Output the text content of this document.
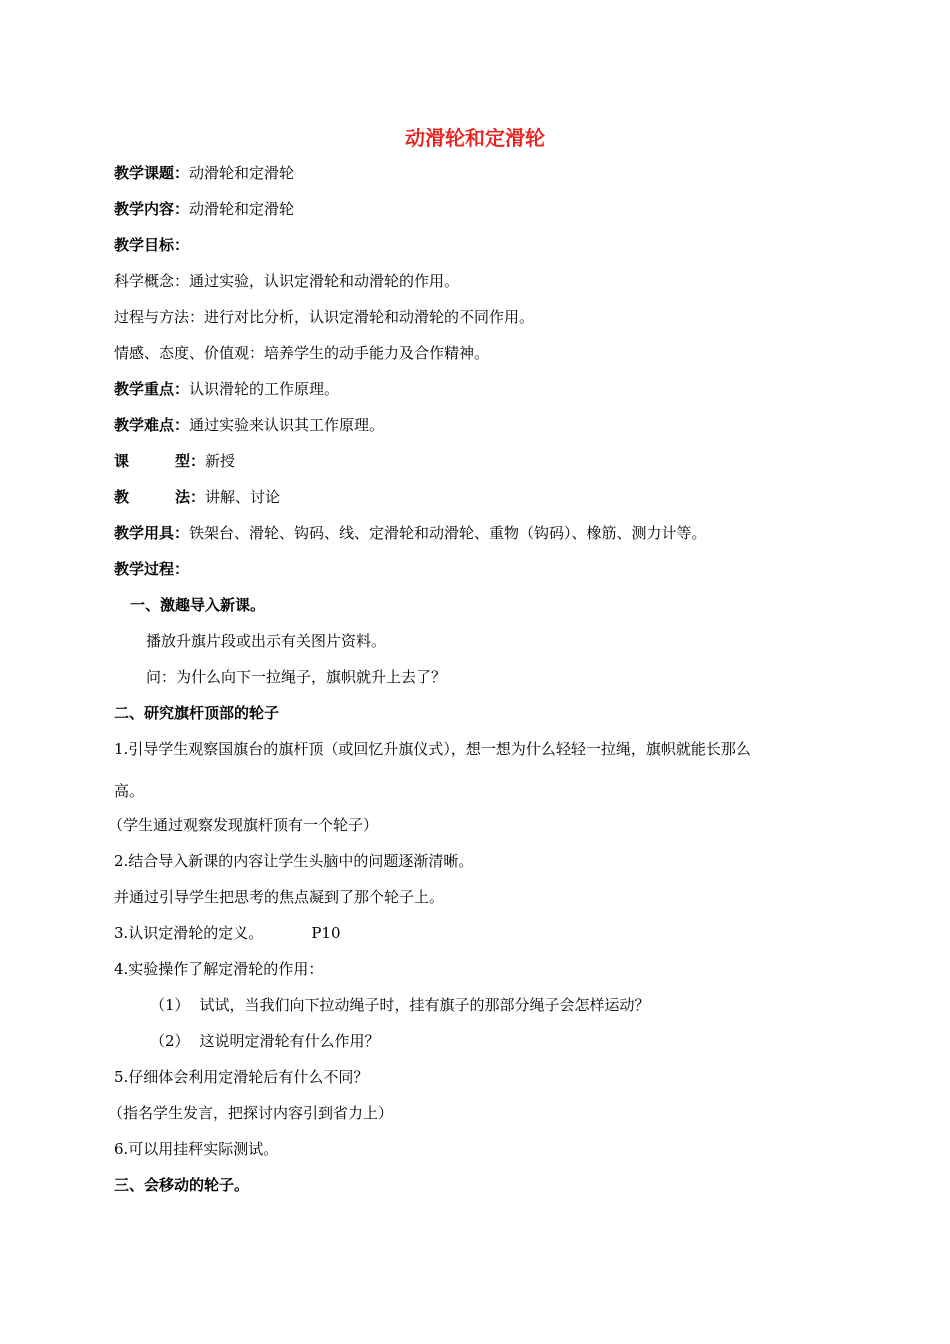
动滑轮和定滑轮
教学课题：动滑轮和定滑轮
教学内容：动滑轮和定滑轮
教学目标：
科学概念：通过实验，认识定滑轮和动滑轮的作用。
过程与方法：进行对比分析，认识定滑轮和动滑轮的不同作用。
情感、态度、价值观：培养学生的动手能力及合作精神。
教学重点：认识滑轮的工作原理。
教学难点：通过实验来认识其工作原理。
课	型：新授
教	法：讲解、讨论
教学用具：铁架台、滑轮、钩码、线、定滑轮和动滑轮、重物（钩码）、橡筋、测力计等。
教学过程：
一、激趣导入新课。
播放升旗片段或出示有关图片资料。
问：为什么向下一拉绳子，旗帜就升上去了？
二、研究旗杆顶部的轮子
1.引导学生观察国旗台的旗杆顶（或回忆升旗仪式），想一想为什么轻轻一拉绳，旗帜就能长那么
高。
（学生通过观察发现旗杆顶有一个轮子）
2.结合导入新课的内容让学生头脑中的问题逐渐清晰。
并通过引导学生把思考的焦点凝到了那个轮子上。
3.认识定滑轮的定义。	P10
4.实验操作了解定滑轮的作用：
（1） 试试，当我们向下拉动绳子时，挂有旗子的那部分绳子会怎样运动？
（2） 这说明定滑轮有什么作用？
5.仔细体会利用定滑轮后有什么不同？
（指名学生发言，把探讨内容引到省力上）
6.可以用挂秤实际测试。
三、会移动的轮子。
